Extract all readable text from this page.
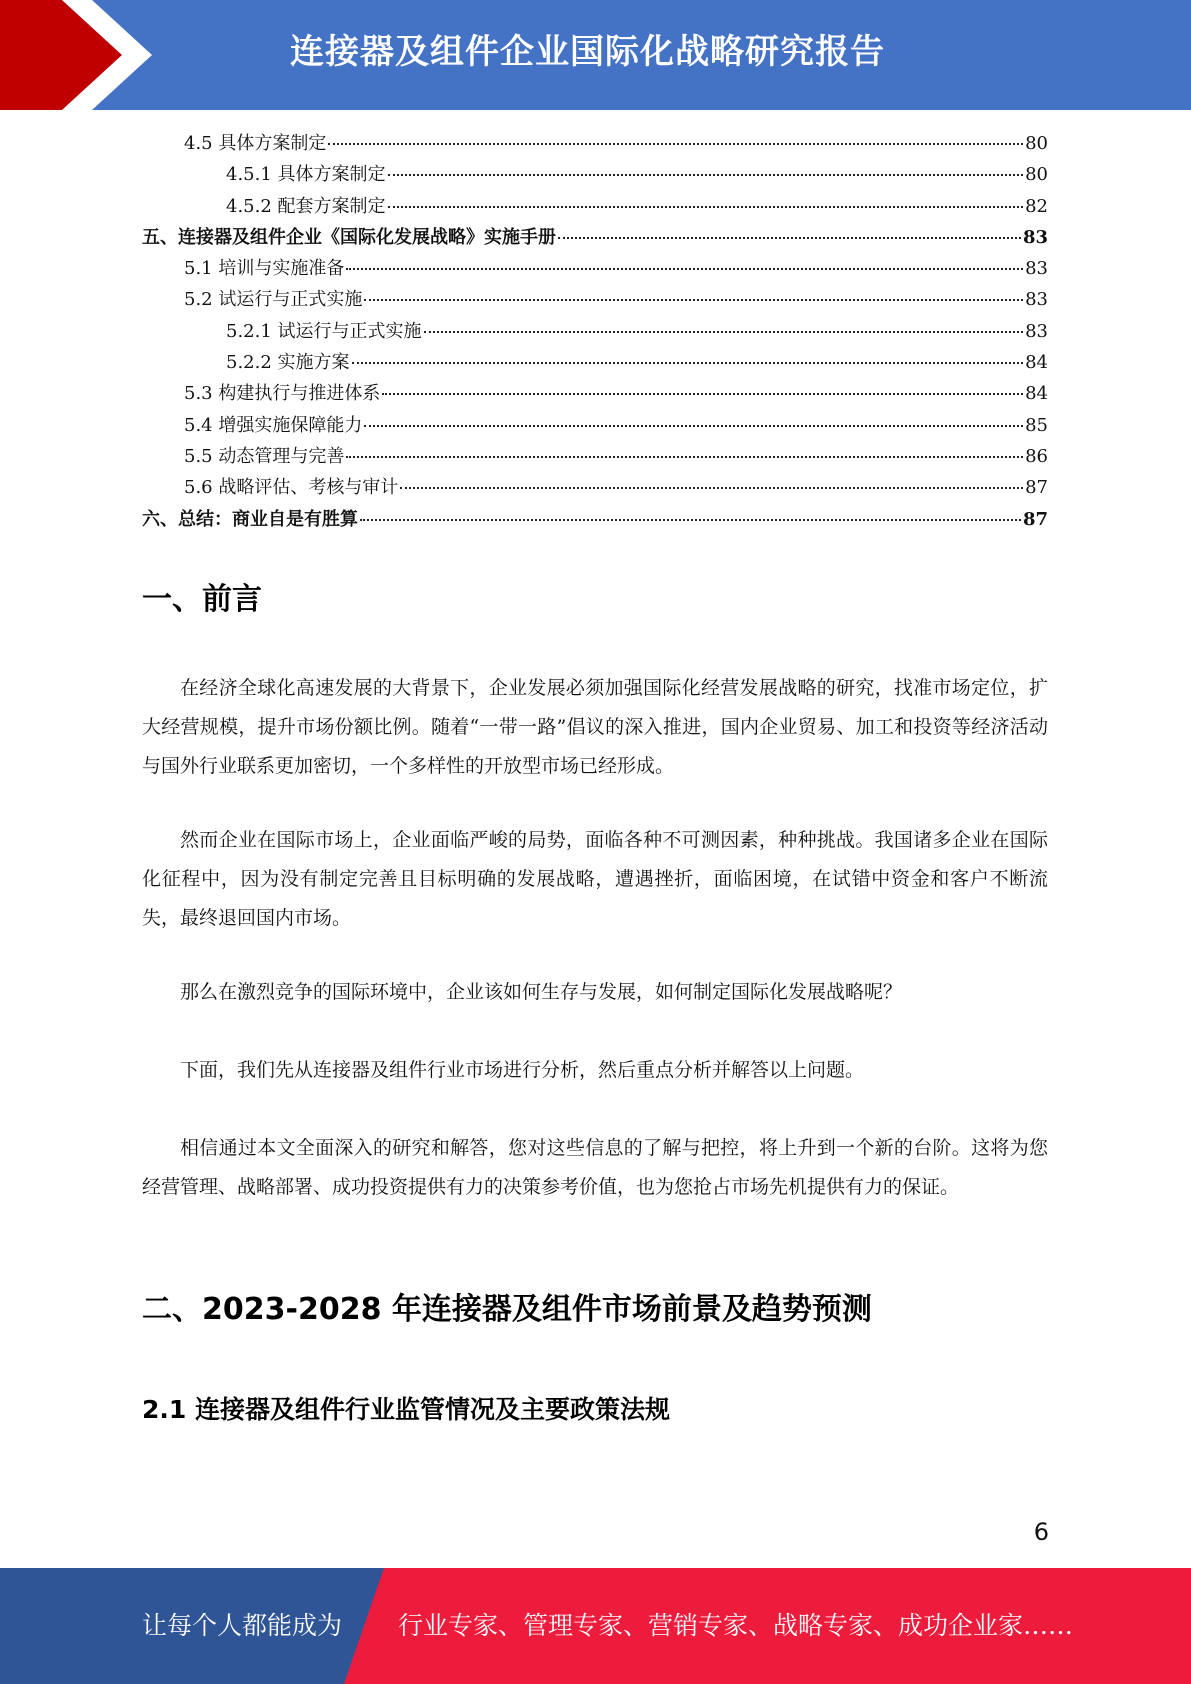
连接器及组件企业国际化战略研究报告
4.5 具体方案制定	80
4.5.1 具体方案制定	80
4.5.2 配套方案制定	82
五、连接器及组件企业《国际化发展战略》实施手册	83
5.1 培训与实施准备	83
5.2 试运行与正式实施	83
5.2.1 试运行与正式实施	83
5.2.2 实施方案	84
5.3 构建执行与推进体系	84
5.4 增强实施保障能力	85
5.5 动态管理与完善	86
5.6 战略评估、考核与审计	87
六、总结：商业自是有胜算	87
一、前言

在经济全球化高速发展的大背景下，企业发展必须加强国际化经营发展战略的研究，找准市场定位，扩大经营规模，提升市场份额比例。随着“一带一路”倡议的深入推进，国内企业贸易、加工和投资等经济活动与国外行业联系更加密切，一个多样性的开放型市场已经形成。

然而企业在国际市场上，企业面临严峻的局势，面临各种不可测因素，种种挑战。我国诸多企业在国际化征程中，因为没有制定完善且目标明确的发展战略，遭遇挫折，面临困境，在试错中资金和客户不断流失，最终退回国内市场。

那么在激烈竞争的国际环境中，企业该如何生存与发展，如何制定国际化发展战略呢？

下面，我们先从连接器及组件行业市场进行分析，然后重点分析并解答以上问题。

相信通过本文全面深入的研究和解答，您对这些信息的了解与把控，将上升到一个新的台阶。这将为您经营管理、战略部署、成功投资提供有力的决策参考价值，也为您抢占市场先机提供有力的保证。

二、2023-2028 年连接器及组件市场前景及趋势预测
2.1 连接器及组件行业监管情况及主要政策法规
6
让每个人都能成为 行业专家、管理专家、营销专家、战略专家、成功企业家……
